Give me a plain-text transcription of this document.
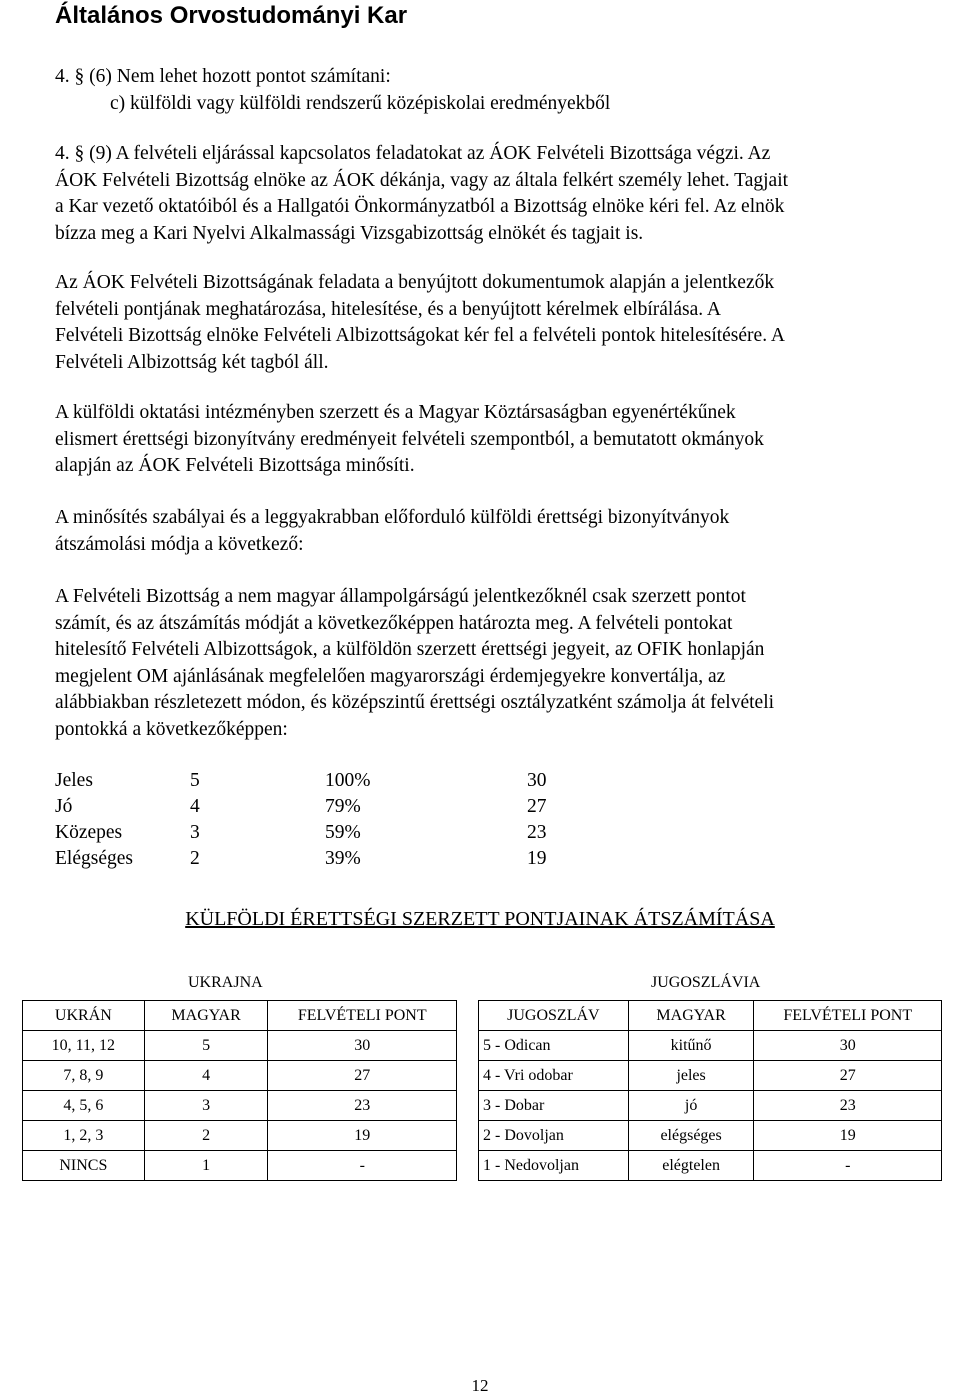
Általános Orvostudományi Kar
4. § (6) Nem lehet hozott pontot számítani:
c) külföldi vagy külföldi rendszerű középiskolai eredményekből
4. § (9) A felvételi eljárással kapcsolatos feladatokat az ÁOK Felvételi Bizottsága végzi. Az
ÁOK Felvételi Bizottság elnöke az ÁOK dékánja, vagy az általa felkért személy lehet. Tagjait
a Kar vezető oktatóiból és a Hallgatói Önkormányzatból a Bizottság elnöke kéri fel. Az elnök
bízza meg a Kari Nyelvi Alkalmassági Vizsgabizottság elnökét és tagjait is.
Az ÁOK Felvételi Bizottságának feladata a benyújtott dokumentumok alapján a jelentkezők
felvételi pontjának meghatározása, hitelesítése, és a benyújtott kérelmek elbírálása. A
Felvételi Bizottság elnöke Felvételi Albizottságokat kér fel a felvételi pontok hitelesítésére. A
Felvételi Albizottság két tagból áll.
A külföldi oktatási intézményben szerzett és a Magyar Köztársaságban egyenértékűnek
elismert érettségi bizonyítvány eredményeit felvételi szempontból, a bemutatott okmányok
alapján az ÁOK Felvételi Bizottsága minősíti.
A minősítés szabályai és a leggyakrabban előforduló külföldi érettségi bizonyítványok
átszámolási módja a következő:
A Felvételi Bizottság a nem magyar állampolgárságú jelentkezőknél csak szerzett pontot
számít, és az átszámítás módját a következőképpen határozta meg. A felvételi pontokat
hitelesítő Felvételi Albizottságok, a külföldön szerzett érettségi jegyeit, az OFIK honlapján
megjelent OM ajánlásának megfelelően magyarországi érdemjegyekre konvertálja, az
alábbiakban részletezett módon, és középszintű érettségi osztályzatként számolja át felvételi
pontokká a következőképpen:
Jeles	5	100%	30
Jó	4	79%	27
Közepes	3	59%	23
Elégséges	2	39%	19
KÜLFÖLDI ÉRETTSÉGI SZERZETT PONTJAINAK ÁTSZÁMÍTÁSA
UKRAJNA	JUGOSZLÁVIA
UKRÁN	MAGYAR	FELVÉTELI PONT
10, 11, 12	5	30
7, 8, 9	4	27
4, 5, 6	3	23
1, 2, 3	2	19
NINCS	1	-
JUGOSZLÁV	MAGYAR	FELVÉTELI PONT
5 - Odican	kitűnő	30
4 - Vri odobar	jeles	27
3 - Dobar	jó	23
2 - Dovoljan	elégséges	19
1 - Nedovoljan	elégtelen	-
12
